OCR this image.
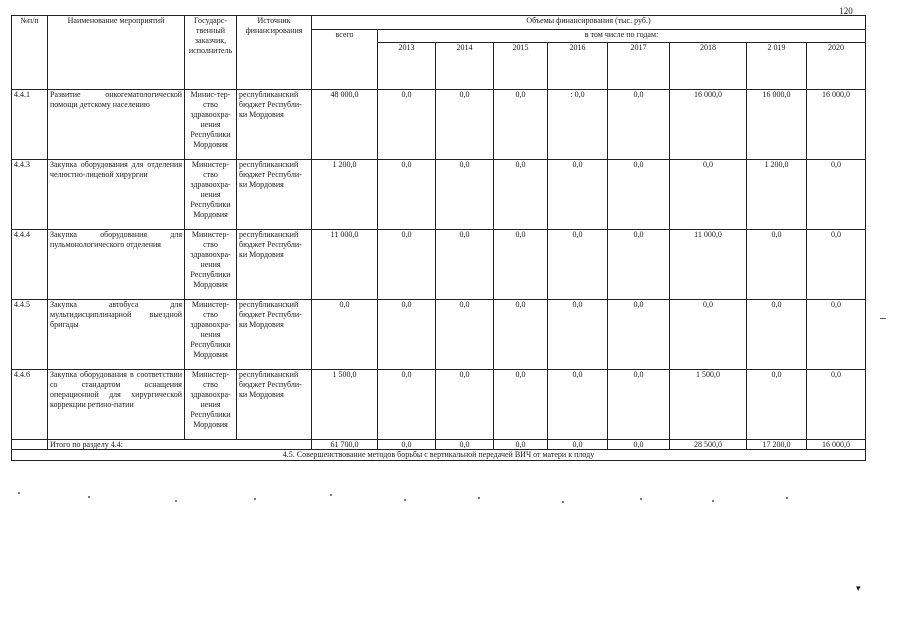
120
№п/п	Наименование мероприятий	Государс-твенный заказчик, исполнитель	Источник финансирования	Объемы финансирования (тыс. руб.)								
				всего	в том числе по годам:							
					2013	2014	2015	2016	2017	2018	2 019	2020
4.4.1	Развитие онкогематологической помощи детскому населению	Минис-тер-ство здравоохра-нения Республики Мордовия	республиканский бюджет Республи-ки Мордовия	48 000,0	0,0	0,0	0,0	: 0,0	0,0	16 000,0	16 000,0	16 000,0
4.4.3	Закупка оборудования для отделения челюстно-лицевой хирургии	Министер-ство здравоохра-нения Республики Мордовия	республиканский бюджет Республи-ки Мордовия	1 200,0	0,0	0,0	0,0	0,0	0,0	0,0	1 200,0	0,0
4.4.4	Закупка оборудования для пульмонологического отделения	Министер-ство здравоохра-нения Республики Мордовия	республиканский бюджет Республи-ки Мордовия	11 000,0	0,0	0,0	0,0	0,0	0,0	11 000,0	0,0	0,0
4.4.5	Закупка автобуса для мультидисциплинарной выездной бригады	Министер-ство здравоохра-нения Республики Мордовия	республиканский бюджет Республи-ки Мордовия	0,0	0,0	0,0	0,0	0,0	0,0	0,0	0,0	0,0
4.4.6	Закупка оборудования в соответствии со стандартом оснащения операционной для хирургической коррекции ретино-патии	Министер-ство здравоохра-нения Республики Мордовия	республиканский бюджет Республи-ки Мордовия	1 500,0	0,0	0,0	0,0	0,0	0,0	1 500,0	0,0	0,0
	Итого по разделу 4.4:			61 700,0	0,0	0,0	0,0	0,0	0,0	28 500,0	17 200,0	16 000,0
4.5. Совершенствование методов борьбы с вертикальной передачей ВИЧ от матери к плоду												
▾
